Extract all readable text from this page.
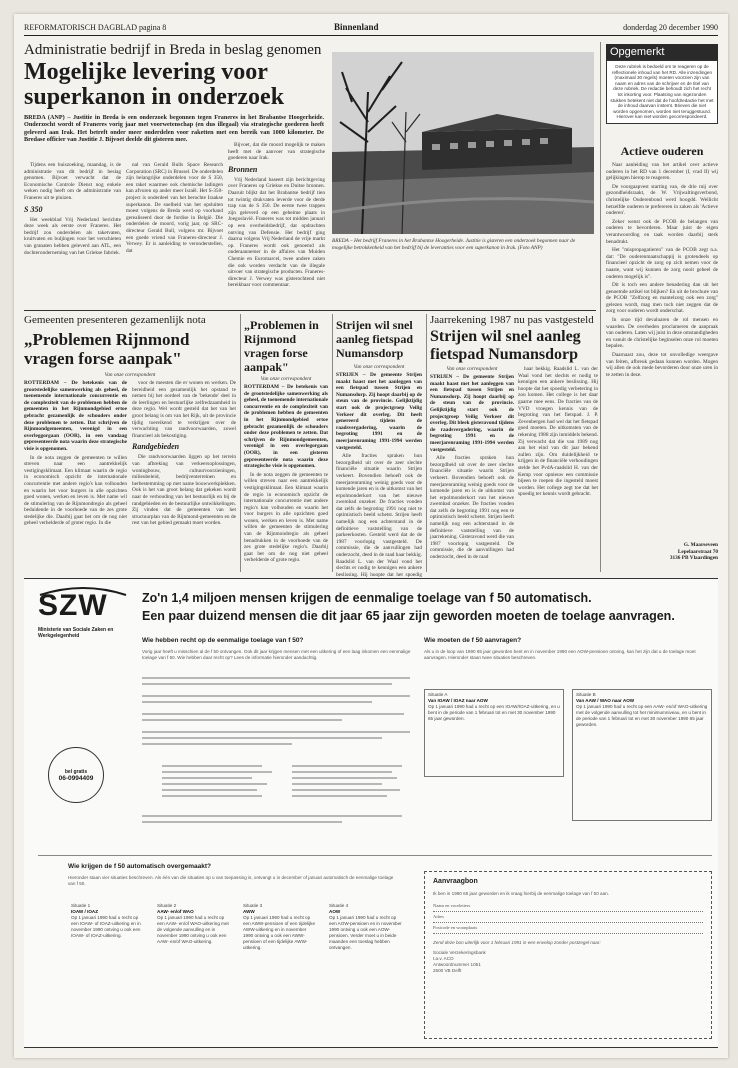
REFORMATORISCH DAGBLAD pagina 8	Binnenland	donderdag 20 december 1990
Administratie bedrijf in Breda in beslag genomen
Mogelijke levering voor superkanon in onderzoek

BREDA (ANP) – Justitie in Breda is een onderzoek begonnen tegen Franeres in het Brabantse Hoogerheide. Onderzocht wordt of Franeres vorig jaar met voorwetenschap (en dus illegaal) via strategische goederen heeft geleverd aan Irak. Het betreft onder meer onderdelen voor raketten met een bereik van 1000 kilometer. De Bredase officier van Justitie J. Bijvoet deelde dit gisteren mee.

Tijdens een huiszoeking, maandag, is de administratie van dit bedrijf in beslag genomen. Bijvoet verwacht dat de Economische Controle Dienst nog enkele weken nodig heeft om de administratie van Franeres uit te pluizen.

S 350

Het weekblad Vrij Nederland berichtte deze week als eerste over Franeres. Het bedrijf zou onderdelen als taketvaten, kruitvaten en buljingen voor het verschieten van granaten hebben geleverd aan ATL, een dochteronderneming van het Griekse fabriek.

nal van Gerald Bulls Space Research Corporation (SRC) in Brussel. De onderdelen zijn belangrijke onderdelen voor de S 350, een raket waarmee ook chemische ladingen kan afvuren op ander meer Israël. Het S-350-project is onderdeel van het beruchte Iraakse superkanon. De snelheid van het opsluiten moest volgens de Breda werd op voorhand gerealiseerd door de fordise in België. Die onderdelen de moord, vorig jaar, op SRC-directeur Gerald Bull, volgens mr. Bijvoet een goede vriend van Franeres-directeur J. Verwey. Er is aanleiding te veronderstellen, dat

Bijvoet, dat die moord mogelijk te maken heeft met de aanvoer van strategische goederen naar Irak.

Bronnen

Vrij Nederland baseert zijn berichtgeving over Franeres op Griekse en Duitse bronnen. Daaruit blijkt dat het Brabantse bedrijf tien tot twintig drukvaten leverde voor de derde trap van de S 350. De eerste twee trappen zijn geleverd op een geheime plaats in Joegoslavië. Franeres was tot midden januari op een overheidsbedrijf, dat opdrachten ontving van Defensie. Het bedrijf ging daarna volgens Vrij Nederland de vrije markt op. Franeres wordt ook genoemd als onderaannemer in de affaires van Muiden Chemie en Euromarcel, twee andere zaken die ook worden verdacht van de illegale uitvoer van strategische producten. Franeres-directeur J. Verwey was gisterochtend niet bereikbaar voor commentaar.

BREDA – Het bedrijf Franeres in het Brabantse Hoogerheide. Justitie is gisteren een onderzoek begonnen naar de mogelijke betrokkenheid van het bedrijf bij de leveranties voor een superkanon in Irak. (Foto ANP)
Opgemerkt
Deze rubriek is bedoeld om te reageren op de reflectionele inhoud van het RD. Alle inzendingen (maximaal 30 regels) moeten voorzien zijn van naam en adres van de schrijver en de titel van deze rubriek. De redactie behoudt zich het recht tot inkorting voor. Plaatsing van ingezonden stukken betekent niet dat de hoofdredactie het met de inhoud daarvan instemt. Brieven die niet worden opgenomen, worden niet teruggestuurd. Hierover kan niet worden gecorrespondeerd.
Actieve ouderen

Naar aanleiding van het artikel over actieve ouderen in het RD van 1 december (I, vrad II) wij gelijkingen hierop te reageren.

De voorgaapvest starting van, de drie mij over gezondheidsraakt, de W. Vrijwaltingsverbond, christelijke Ouderenbond werd hoogdd. Wellicht hetzelfde ouderen te prefereren in zaken als 'Actieve ouderen'.

Zeker wenst ook de PCOB de belangen van ouderen te bevorderen. Maar juist de eigen verantwoording en taak worden daarbij sterk benadrukt.

Het "mispropagatieren" van de PCOB zegt n.a. dat: "De ouderenmaatschappij is grotendeels op financieel opzicht de zorg op zich nemen voor de naaste, want wij kunnen de zorg nooit geheel de ouderen mogelijk is".

Dit is toch een andere benadering dan uit het genoemde artikel tot blijken? En uit de brochure van de PCOB "Zelfzorg en mantelzorg ook een zorg" gelezen wordt, mag men toch niet zeggen dat de zorg voor ouderen wordt onderschat.

In onze tijd devaluaren de rol mensen en waarden. De overheden proclameren de aanpraak van ouderen. Laten wij juist in deze omstandigheden en vanuit de christelijke beginselen onze rol moeten bepalen.

Daarnaast zou, deze tot onvolledige weergave van feiten, afbreuk gedaan kunnen worden. Mogen wij allen de ook mede bevorderen door onze uren in te zetten in deze.

G. Maarseveen
Lepelaarstraat 70
3136 PB Vlaardingen
Gemeenten presenteren gezamenlijk nota
„Problemen Rijnmond vragen forse aanpak"
Van onze correspondent

ROTTERDAM – De betekenis van de grootstedelijke samenwerking als geheel, de toenemende internationale concurrentie en de complexiteit van de problemen hebben de gemeenten in het Rijnmondgebied ertoe gebracht gezamenlijk de schouders onder deze problemen te zetten. Dat schrijven de Rijnmondgemeenten, verenigd in een overleggorgaan (OOR), in een vandaag gepresenteerde nota waarin deze strategische visie is opgenomen.

In de nota zeggen de gemeenten te willen streven naar een aantrekkelijk vestigingsklimaat. Een klimaat waarin de regio in economisch opzicht de internationale concurrentie met andere regio's kan volhouden en waarin het voor burgers in alle opzichten goed wonen, werken en leven is. Met name wil de stimulering van de Rijnmondregio als geheel beduidende in de voorhoede van de zes grote stedelijke die. Daarbij gaat het om de nog niet geheel verhelderde of groter regio. In die

voor de meesten die er wonen en werken. De bereidheid een gezamenlijk het opstand te nemen bij het oordeel van de 'bekende' deel in de leerlingen en bestuurlijke zelfredzaamheid in deze regio. Wel wordt gesteld dat het van het groot belang is om van het Rijk, uit de provincie tijdig toereikend te verkrijgen over de verwachting van randvoorwaarden, zowel financieel als bekostiging.

Randgebieden

Die randvoorwaarden liggen op het terrein van afbreking van verkeersoplossingen, woningbouw, cultuurvoorzieningen, milieubeleid, bedrijventerreinen en herbestemming op met name bouwwerkplekken. Ook is het van groot belang dat gekeken wordt naar de verhouding van het bestuurlijk en bij de randgebieden en de bestuurlijke ontwikkelingen. Zij vinden dat de gemeenten van het structuurplan van de Rijnmond-gemeenten en de rest van het gebied gemaakt moet worden.

„Problemen in Rijnmond vragen forse aanpak"
Van onze correspondent

ROTTERDAM – De betekenis van de grootstedelijke samenwerking als geheel, de toenemende internationale concurrentie en de complexiteit van de problemen hebben de gemeenten in het Rijnmondgebied ertoe gebracht gezamenlijk de schouders onder deze problemen te zetten. Dat schrijven de Rijnmondgemeenten, verenigd in een overlegorgaan (OOR), in een gisteren gepresenteerde nota waarin deze strategische visie is opgenomen.

In de nota zeggen de gemeenten te willen streven naar een aantrekkelijk vestigingsklimaat. Een klimaat waarin de regio in economisch opzicht de internationale concurrentie met andere regio's kan volhouden en waarin het voor burgers in alle opzichten goed wonen, werken en leven is. Met name willen de gemeenten de stimulering van de Rijnmondregio als geheel benadrukken in de voorhoede van de zes grote stedelijke regio's. Daarbij gaat het om de nog niet geheel verhelderde of grote regio.

Strijen wil snel aanleg fietspad Numansdorp
Van onze correspondent

STRIJEN – De gemeente Strijen maakt haast met het aanleggen van een fietspad tussen Strijen en Numansdorp. Zij hoopt daarbij op de steun van de provincie. Gelijktijdig start ook de projectgroep Veilig Verkeer dit overleg. Dit heeft genereerd tijdens de raadsvergadering, waarin de begroting 1991 en de meerjarenraming 1991-1994 werden vastgesteld.

Alle fracties spraken hun bezorgdheid uit over de zeer slechte financiële situatie waarin Strijen verkeert. Bovendien behoeft ook de meerjarenraming weinig goeds voor de komende jaren en is de uitkomst van het erpolmonderkort van het nieuwe zwembad onzeker. De fracties vonden dat zelfs de begroting 1991 nog niet te optimistisch beeld schetst. Strijen heeft namelijk nog een achterstand in de definitieve vaststelling van de parkeerkosten. Gesteld werd dat de de 1987 voorlopig vastgesteld. De commissie, die de aanvullingen had onderzocht, deed in de raad haar bekkig. Raadslid L. van der Waal vond het slechts er nodig te kennigen een ankere beslissing. Hij hoopte dat het spoedig

Jaarrekening 1987 nu pas vastgesteld
Strijen wil snel aanleg fietspad Numansdorp
Van onze correspondent

STRIJEN – De gemeente Strijen maakt haast met het aanleggen van een fietspad tussen Strijen en Numansdorp. Zij hoopt daarbij op de steun van de provincie. Gelijktijdig start ook de projectgroep Veilig Verkeer dit overleg. Dit bleek gisteravond tijdens de raadsvergadering, waarin de begroting 1991 en de meerjarenraming 1991-1994 werden vastgesteld.

Alle fracties spraken hun bezorgdheid uit over de zeer slechte financiële situatie waarin Strijen verkeert. Bovendien behoeft ook de meerjarenraming weinig goeds voor de komende jaren en is de uitkomst van het erpolmonderkort van het nieuwe zwembad onzeker. De fracties vonden dat zelfs de begroting 1991 nog een te optimistisch beeld schetst. Strijen heeft namelijk nog een achterstand in de definitieve vaststelling van de jaarrekening. Gisteravond werd die van 1987 voorlopig vastgesteld. De commissie, die de aanvullingen had onderzocht, deed in de raad

haar bekkig. Raadslid L. van der Waal vond het slechts er nodig te kennigen een ankere beslissing. Hij hoopte dat het spoedig verbetering in zou komen. Het college is het daar gaarne mee eens. De fracties van de VVD vroegen kennis van de begroting van het fietspad. J. P. Zevenbergen had wel dat het fietspad goed moeten. De uitkomsten van de rekening 1988 zijn inmiddels bekend. Zij verwacht dat die van 1989 nog aan het eind van dit jaar bekend zullen zijn. Om duidelijkheid te krijgen in de financiële verhoudingen stelde het PvdA-raadslid H. van der Kemp voor opnieuw een commissie bijeen te roepen die ingesteld moest worden. Het college zegt toe dat het spoedig ter kennis wordt gebracht.

SZW
Ministerie van Sociale Zaken en Werkgelegenheid
Zo'n 1,4 miljoen mensen krijgen de eenmalige toelage van f 50 automatisch.
Een paar duizend mensen die dit jaar 65 jaar zijn geworden moeten de toelage aanvragen.
Wie hebben recht op de eenmalige toelage van f 50?
Vorig jaar heeft u misschien al de f 50 ontvangen. Ook dit jaar krijgen mensen met een uitkering of een laag inkomen een eenmalige toelage van f 50. Wie hebben daar recht op? Lees de informatie hieronder aandachtig.
bel gratis
06-0994409
Wie moeten de f 50 aanvragen?
Als u in de loop van 1990 65 jaar geworden bent en in november 1990 een AOW-pensioen ontving, kan het zijn dat u de toelage moet aanvragen. Hieronder staan twee situaties beschreven.
Situatie A
Van IOAW / IOAZ naar AOW
Op 1 januari 1990 had u recht op een IOAW/IOAZ-uitkering, en u bent in de periode van 1 februari tot en met 30 november 1990 65 jaar geworden.
Situatie B
Van AAW / WAO naar AOW
Op 1 januari 1990 had u recht op een AAW- en/of WAO-uitkering met de volgende aanvulling tot het minimumniveau, en u bent in de periode van 1 februari tot en met 30 november 1990 65 jaar geworden.
Wie krijgen de f 50 automatisch overgemaakt?
Hieronder staan vier situaties beschreven. Als één van die situaties op u van toepassing is, ontvangt u in december of januari automatisch de eenmalige toelage van f 50.
Situatie 1
IOAW / IOAZ
Op 1 januari 1990 had u recht op een IOAW- of IOAZ-uitkering en in november 1990 ontving u ook een IOAW- of IOAZ-uitkering.
Situatie 2
AAW- en/of WAO
Op 1 januari 1990 had u recht op een AAW- en/of WAO-uitkering met de volgende aanvulling en in november 1990 ontving u ook een AAW- en/of WAO-uitkering.
Situatie 3
AWW
Op 1 januari 1990 had u recht op een AWW-pensioen of een tijdelijke AWW-uitkering en in november 1990 ontving u ook een AWW-pensioen of een tijdelijke AWW-uitkering.
Situatie 4
AOW
Op 1 januari 1990 had u recht op een AOW-pensioen en in november 1990 ontving u ook een AOW-pensioen. Verder moet u in beide maanden een toeslag hebben ontvangen.
Aanvraagbon
Ik ben in 1990 65 jaar geworden en ik vraag hierbij de eenmalige toelage van f 50 aan.
Naam en voorletters
Adres
Postcode en woonplaats
Zend deze bon uiterlijk voor 1 februari 1991 in een envelop zonder postzegel naar:
Sociale Verzekeringsbank
t.a.v. ACO
Antwoordnummer 1051
2600 VB Delft
